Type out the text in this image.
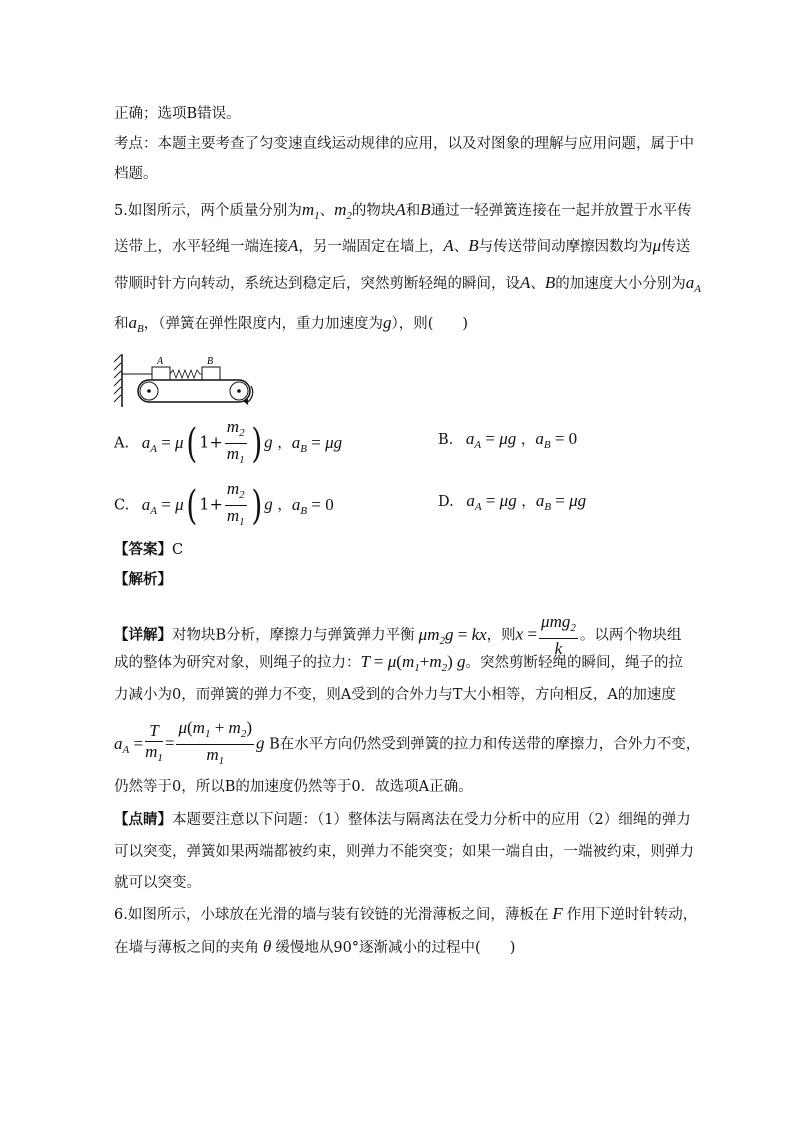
正确；选项B错误。
考点：本题主要考查了匀变速直线运动规律的应用，以及对图象的理解与应用问题，属于中
档题。
5.如图所示，两个质量分别为$m_1$、$m_2$的物块A和B通过一轻弹簧连接在一起并放置于水平传
送带上，水平轻绳一端连接A，另一端固定在墙上，A、B与传送带间动摩擦因数均为μ传送
带顺时针方向转动，系统达到稳定后，突然剪断轻绳的瞬间，设A、B的加速度大小分别为$a_A$
和$a_B$，（弹簧在弹性限度内，重力加速度为g），则(　　)
A	B
A. $a_A = \mu$( $1+ \frac{m_2}{m_1}$ ) g ，$a_B = \mu g$	B. $a_A = \mu g$ ，$a_B = 0$
C. $a_A = \mu$( $1+ \frac{m_2}{m_1}$ ) g ，$a_B = 0$	D. $a_A = \mu g$ ，$a_B = \mu g$
【答案】C
【解析】
【详解】对物块B分析，摩擦力与弹簧弹力平衡 $\mu m_2g$ = kx，则$x = \frac{\mu mg_2}{k}$ 。以两个物块组
成的整体为研究对象，则绳子的拉力：$T = \mu(m_1+m_2)$ g。突然剪断轻绳的瞬间，绳子的拉
力减小为0，而弹簧的弹力不变，则A受到的合外力与T大小相等，方向相反，A的加速度
$a_A = \frac{T}{m_1} = \frac{\mu(m_1 + m_2)}{m_1}$ g B在水平方向仍然受到弹簧的拉力和传送带的摩擦力，合外力不变，
仍然等于0，所以B的加速度仍然等于0．故选项A正确。
【点睛】本题要注意以下问题：（1）整体法与隔离法在受力分析中的应用（2）细绳的弹力
可以突变，弹簧如果两端都被约束，则弹力不能突变；如果一端自由，一端被约束，则弹力
就可以突变。
6.如图所示，小球放在光滑的墙与装有铰链的光滑薄板之间，薄板在 F 作用下逆时针转动，
在墙与薄板之间的夹角 θ 缓慢地从90°逐渐减小的过程中(　　)
